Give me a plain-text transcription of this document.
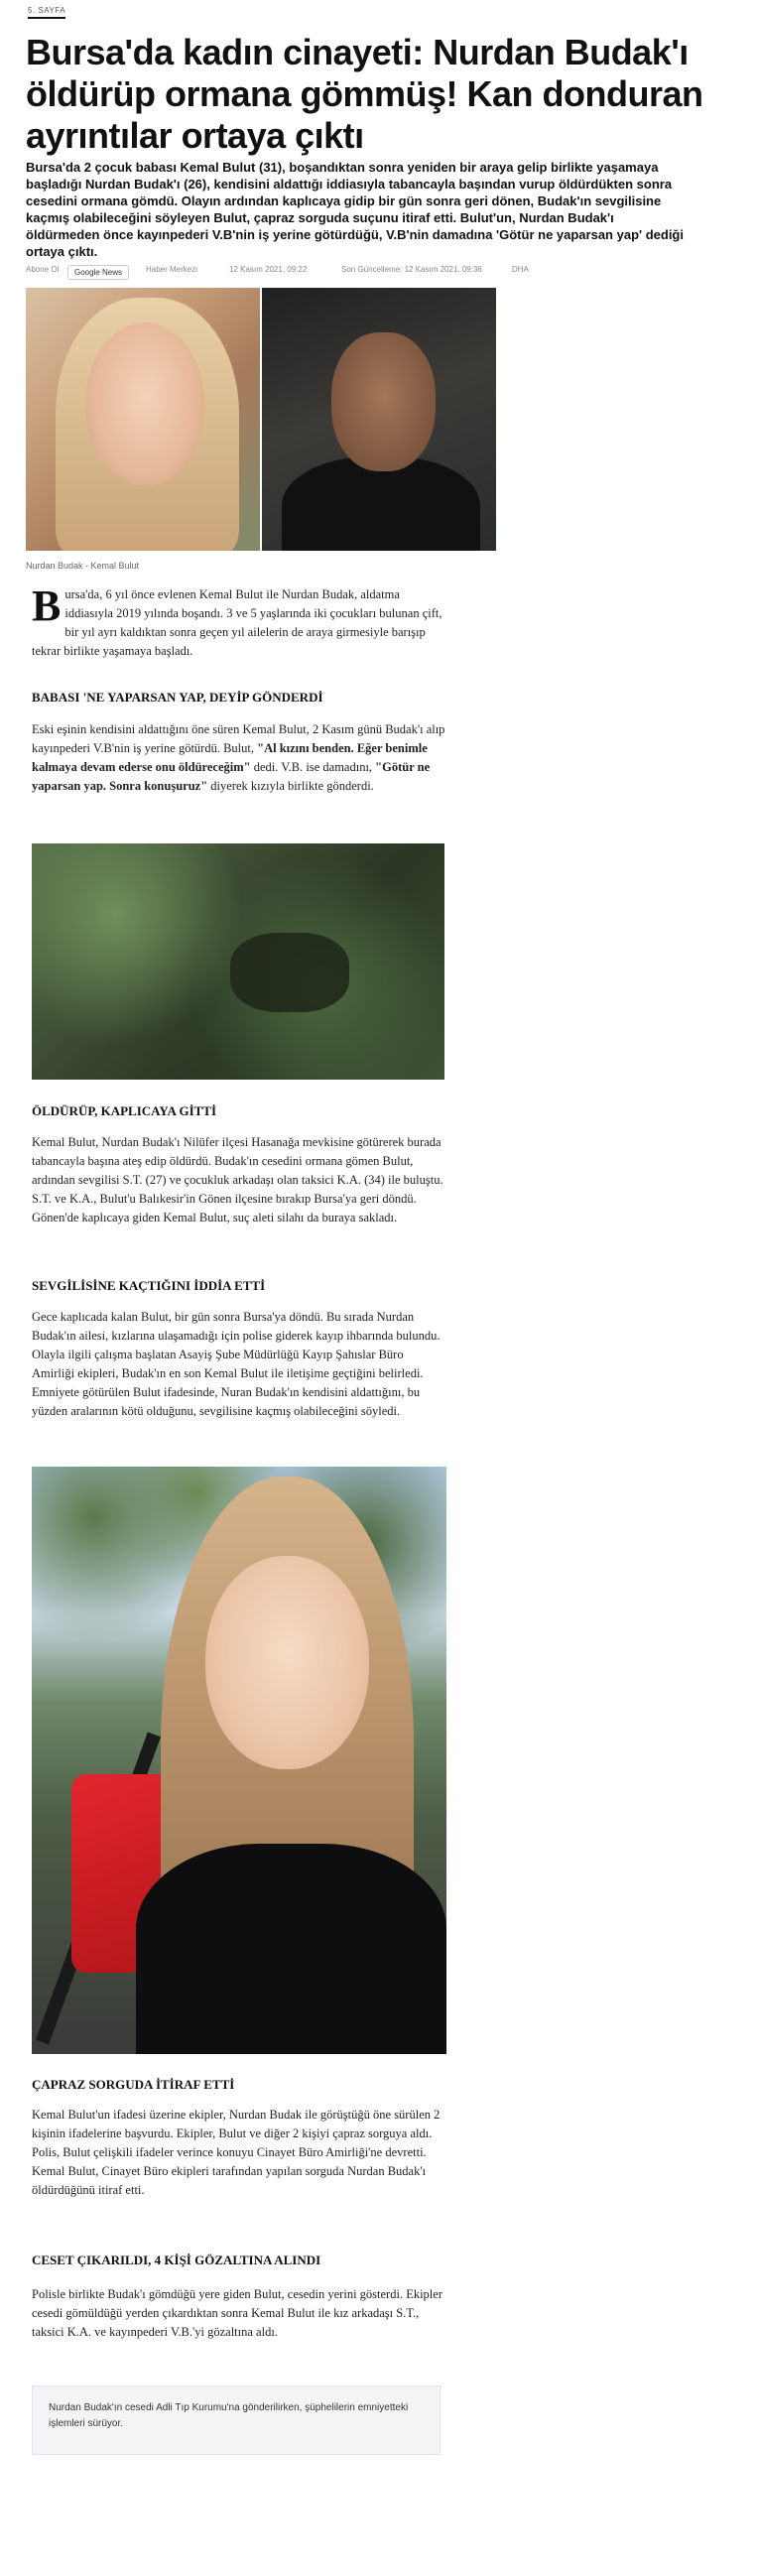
5. SAYFA
Bursa'da kadın cinayeti: Nurdan Budak'ı öldürüp ormana gömmüş! Kan donduran ayrıntılar ortaya çıktı

Bursa'da 2 çocuk babası Kemal Bulut (31), boşandıktan sonra yeniden bir araya gelip birlikte yaşamaya başladığı Nurdan Budak'ı (26), kendisini aldattığı iddiasıyla tabancayla başından vurup öldürdükten sonra cesedini ormana gömdü. Olayın ardından kaplıcaya gidip bir gün sonra geri dönen, Budak'ın sevgilisine kaçmış olabileceğini söyleyen Bulut, çapraz sorguda suçunu itiraf etti. Bulut'un, Nurdan Budak'ı öldürmeden önce kayınpederi V.B'nin iş yerine götürdüğü, V.B'nin damadına 'Götür ne yaparsan yap' dediği ortaya çıktı.

Abone Ol	Google News	Haber Merkezi	12 Kasım 2021, 09:22	Son Güncelleme: 12 Kasım 2021, 09:36	DHA
Nurdan Budak - Kemal Bulut
B ursa'da, 6 yıl önce evlenen Kemal Bulut ile Nurdan Budak, aldatma iddiasıyla 2019 yılında boşandı. 3 ve 5 yaşlarında iki çocukları bulunan çift, bir yıl ayrı kaldıktan sonra geçen yıl ailelerin de araya girmesiyle barışıp tekrar birlikte yaşamaya başladı.
BABASI 'NE YAPARSAN YAP, DEYİP GÖNDERDİ

Eski eşinin kendisini aldattığını öne süren Kemal Bulut, 2 Kasım günü Budak'ı alıp kayınpederi V.B'nin iş yerine götürdü. Bulut, "Al kızını benden. Eğer benimle kalmaya devam ederse onu öldüreceğim" dedi. V.B. ise damadını, "Götür ne yaparsan yap. Sonra konuşuruz" diyerek kızıyla birlikte gönderdi.

ÖLDÜRÜP, KAPLICAYA GİTTİ
Kemal Bulut, Nurdan Budak'ı Nilüfer ilçesi Hasanağa mevkisine götürerek burada tabancayla başına ateş edip öldürdü. Budak'ın cesedini ormana gömen Bulut, ardından sevgilisi S.T. (27) ve çocukluk arkadaşı olan taksici K.A. (34) ile buluştu. S.T. ve K.A., Bulut'u Balıkesir'in Gönen ilçesine bırakıp Bursa'ya geri döndü. Gönen'de kaplıcaya giden Kemal Bulut, suç aleti silahı da buraya sakladı.
SEVGİLİSİNE KAÇTIĞINI İDDİA ETTİ
Gece kaplıcada kalan Bulut, bir gün sonra Bursa'ya döndü. Bu sırada Nurdan Budak'ın ailesi, kızlarına ulaşamadığı için polise giderek kayıp ihbarında bulundu. Olayla ilgili çalışma başlatan Asayiş Şube Müdürlüğü Kayıp Şahıslar Büro Amirliği ekipleri, Budak'ın en son Kemal Bulut ile iletişime geçtiğini belirledi. Emniyete götürülen Bulut ifadesinde, Nuran Budak'ın kendisini aldattığını, bu yüzden aralarının kötü olduğunu, sevgilisine kaçmış olabileceğini söyledi.
ÇAPRAZ SORGUDA İTİRAF ETTİ
Kemal Bulut'un ifadesi üzerine ekipler, Nurdan Budak ile görüştüğü öne sürülen 2 kişinin ifadelerine başvurdu. Ekipler, Bulut ve diğer 2 kişiyi çapraz sorguya aldı. Polis, Bulut çelişkili ifadeler verince konuyu Cinayet Büro Amirliği'ne devretti. Kemal Bulut, Cinayet Büro ekipleri tarafından yapılan sorguda Nurdan Budak'ı öldürdüğünü itiraf etti.
CESET ÇIKARILDI, 4 KİŞİ GÖZALTINA ALINDI
Polisle birlikte Budak'ı gömdüğü yere giden Bulut, cesedin yerini gösterdi. Ekipler cesedi gömüldüğü yerden çıkardıktan sonra Kemal Bulut ile kız arkadaşı S.T., taksici K.A. ve kayınpederi V.B.'yi gözaltına aldı.
Nurdan Budak'ın cesedi Adli Tıp Kurumu'na gönderilirken, şüphelilerin emniyetteki işlemleri sürüyor.
